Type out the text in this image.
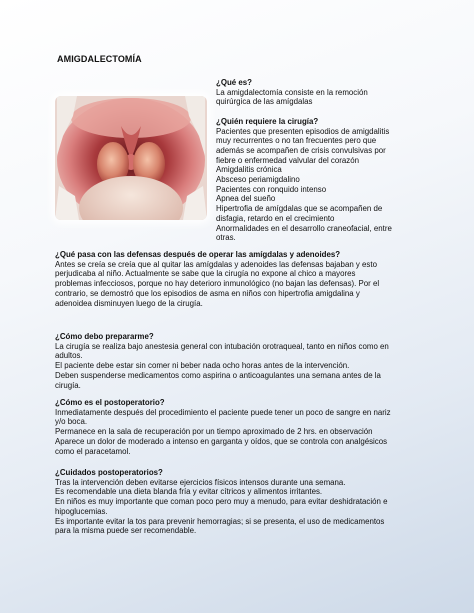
AMIGDALECTOMÍA

¿Qué es?

La amigdalectomía consiste en la remoción

quirúrgica de las amígdalas

¿Quién requiere la cirugía?

Pacientes que presenten episodios de amigdalitis

muy recurrentes o no tan frecuentes pero que

además se acompañen de crisis convulsivas por

fiebre o enfermedad valvular del corazón

Amigdalitis crónica

Absceso periamigdalino

Pacientes con ronquido intenso

Apnea del sueño

Hipertrofia de amígdalas que se acompañen de

disfagia, retardo en el crecimiento

Anormalidades en el desarrollo craneofacial, entre

otras.

¿Qué pasa con las defensas después de operar las amígdalas y adenoides?

Antes se creía se creía que al quitar las amígdalas y adenoides las defensas bajaban y esto

perjudicaba al niño. Actualmente se sabe que la cirugía no expone al chico a mayores

problemas infecciosos, porque no hay deterioro inmunológico (no bajan las defensas). Por el

contrario, se demostró que los episodios de asma en niños con hipertrofia amigdalina y

adenoidea disminuyen luego de la cirugía.

¿Cómo debo prepararme?

La cirugía se realiza bajo anestesia general con intubación orotraqueal, tanto en niños como en

adultos.

El paciente debe estar sin comer ni beber nada ocho horas antes de la intervención.

Deben suspenderse medicamentos como aspirina o anticoagulantes una semana antes de la

cirugía.

¿Cómo es el postoperatorio?

Inmediatamente después del procedimiento el paciente puede tener un poco de sangre en nariz

y/o boca.

Permanece en la sala de recuperación por un tiempo aproximado de 2 hrs. en observación

Aparece un dolor de moderado a intenso en garganta y oídos, que se controla con analgésicos

como el paracetamol.

¿Cuidados postoperatorios?

Tras la intervención deben evitarse ejercicios físicos intensos durante una semana.

Es recomendable una dieta blanda fría y evitar cítricos y alimentos irritantes.

En niños es muy importante que coman poco pero muy a menudo, para evitar deshidratación e

hipoglucemias.

Es importante evitar la tos para prevenir hemorragias; si se presenta, el uso de medicamentos

para la misma puede ser recomendable.
